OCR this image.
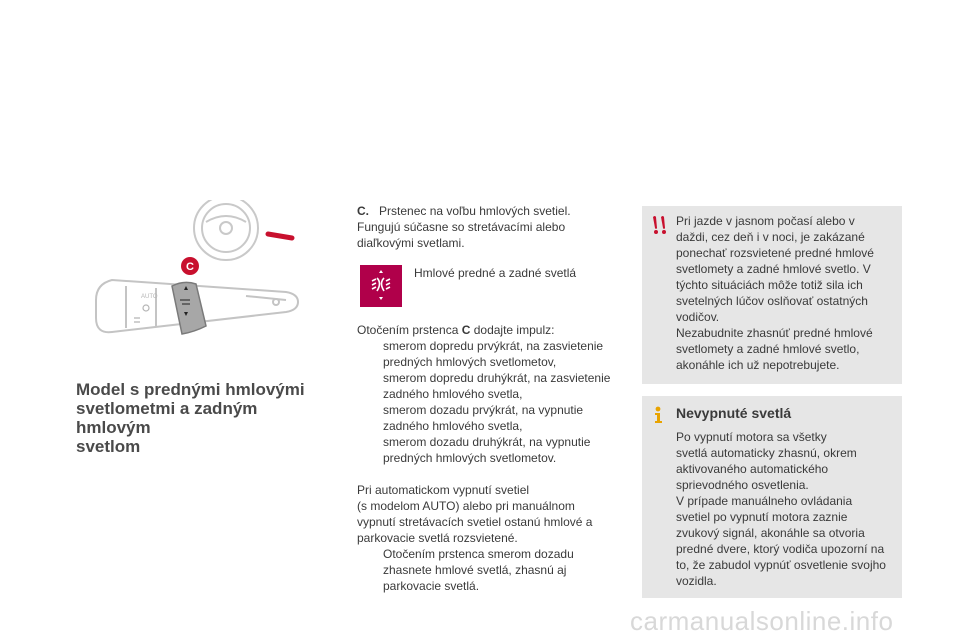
AUTO
C
Model s prednými hmlovými
svetlometmi a zadným hmlovým
svetlom
C. Prstenec na voľbu hmlových svetiel.
Fungujú súčasne so stretávacími alebo
diaľkovými svetlami.
Hmlové predné a zadné svetlá
Otočením prstenca C dodajte impulz:
smerom dopredu prvýkrát, na zasvietenie
predných hmlových svetlometov,
smerom dopredu druhýkrát, na zasvietenie
zadného hmlového svetla,
smerom dozadu prvýkrát, na vypnutie
zadného hmlového svetla,
smerom dozadu druhýkrát, na vypnutie
predných hmlových svetlometov.
Pri automatickom vypnutí svetiel
(s modelom AUTO) alebo pri manuálnom
vypnutí stretávacích svetiel ostanú hmlové a
parkovacie svetlá rozsvietené.
Otočením prstenca smerom dozadu
zhasnete hmlové svetlá, zhasnú aj
parkovacie svetlá.
Pri jazde v jasnom počasí alebo v
daždi, cez deň i v noci, je zakázané
ponechať rozsvietené predné hmlové
svetlomety a zadné hmlové svetlo. V
týchto situáciách môže totiž sila ich
svetelných lúčov oslňovať ostatných
vodičov.
Nezabudnite zhasnúť predné hmlové
svetlomety a zadné hmlové svetlo,
akonáhle ich už nepotrebujete.
Nevypnuté svetlá
Po vypnutí motora sa všetky
svetlá automaticky zhasnú, okrem
aktivovaného automatického
sprievodného osvetlenia.
V prípade manuálneho ovládania
svetiel po vypnutí motora zaznie
zvukový signál, akonáhle sa otvoria
predné dvere, ktorý vodiča upozorní na
to, že zabudol vypnúť osvetlenie svojho
vozidla.
carmanualsonline.info
